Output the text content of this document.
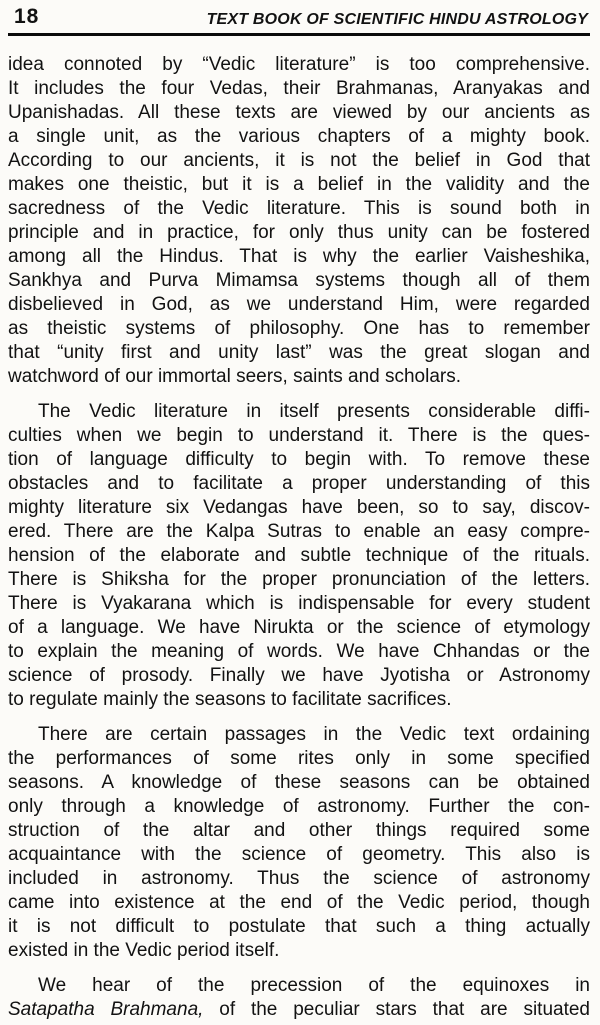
18	TEXT BOOK OF SCIENTIFIC HINDU ASTROLOGY
idea connoted by “Vedic literature” is too comprehensive.
It includes the four Vedas, their Brahmanas, Aranyakas and
Upanishadas. All these texts are viewed by our ancients as
a single unit, as the various chapters of a mighty book.
According to our ancients, it is not the belief in God that
makes one theistic, but it is a belief in the validity and the
sacredness of the Vedic literature. This is sound both in
principle and in practice, for only thus unity can be fostered
among all the Hindus. That is why the earlier Vaisheshika,
Sankhya and Purva Mimamsa systems though all of them
disbelieved in God, as we understand Him, were regarded
as theistic systems of philosophy. One has to remember
that “unity first and unity last” was the great slogan and
watchword of our immortal seers, saints and scholars.
The Vedic literature in itself presents considerable diffi-
culties when we begin to understand it. There is the ques-
tion of language difficulty to begin with. To remove these
obstacles and to facilitate a proper understanding of this
mighty literature six Vedangas have been, so to say, discov-
ered. There are the Kalpa Sutras to enable an easy compre-
hension of the elaborate and subtle technique of the rituals.
There is Shiksha for the proper pronunciation of the letters.
There is Vyakarana which is indispensable for every student
of a language. We have Nirukta or the science of etymology
to explain the meaning of words. We have Chhandas or the
science of prosody. Finally we have Jyotisha or Astronomy
to regulate mainly the seasons to facilitate sacrifices.
There are certain passages in the Vedic text ordaining
the performances of some rites only in some specified
seasons. A knowledge of these seasons can be obtained
only through a knowledge of astronomy. Further the con-
struction of the altar and other things required some
acquaintance with the science of geometry. This also is
included in astronomy. Thus the science of astronomy
came into existence at the end of the Vedic period, though
it is not difficult to postulate that such a thing actually
existed in the Vedic period itself.
We hear of the precession of the equinoxes in
Satapatha Brahmana, of the peculiar stars that are situated
